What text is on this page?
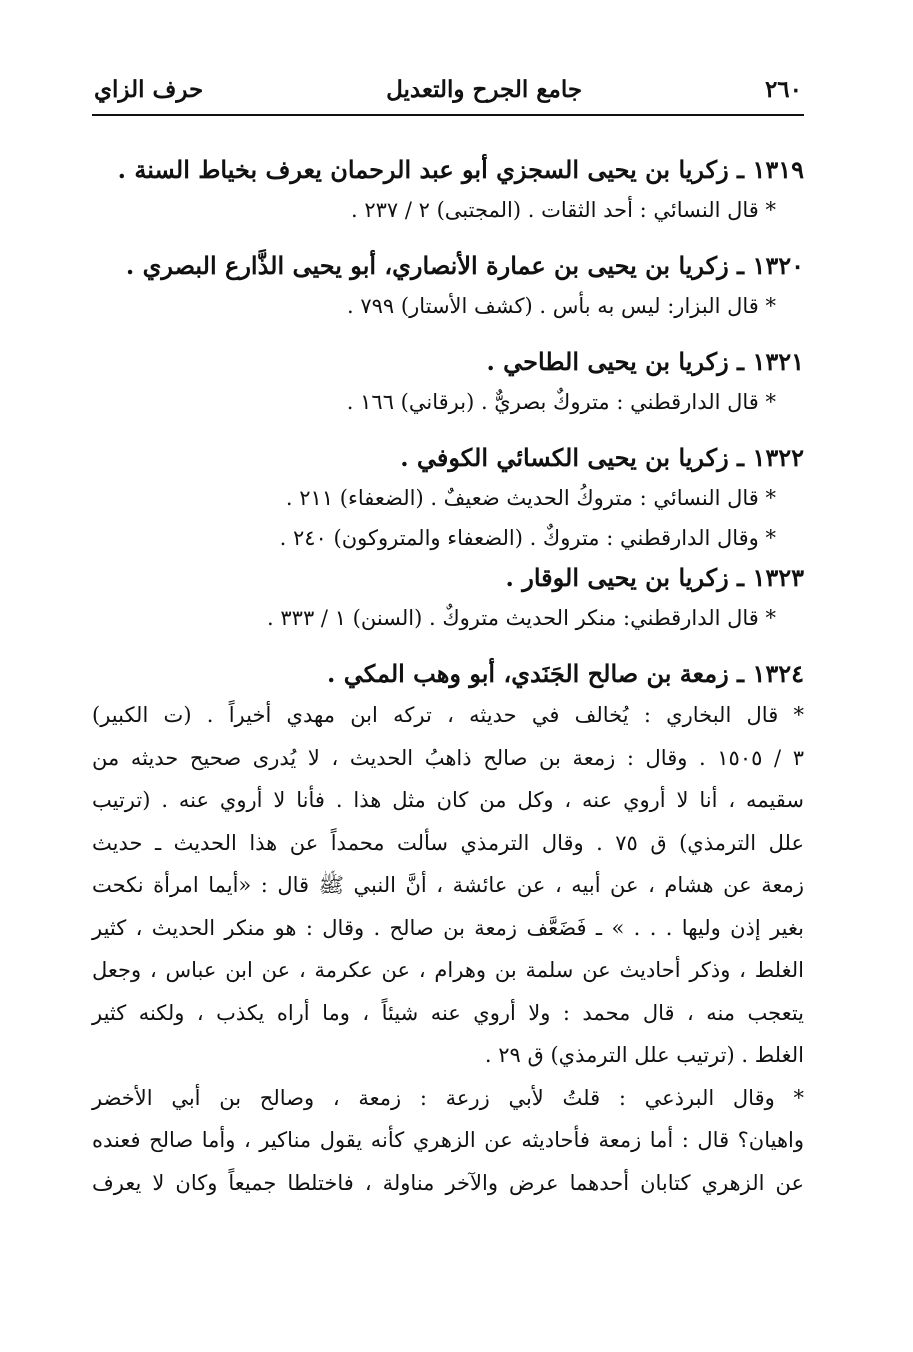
٢٦٠
جامع الجرح والتعديل
حرف الزاي

١٣١٩ ـ زكريا بن يحيى السجزي أبو عبد الرحمان يعرف بخياط السنة .

* قال النسائي : أحد الثقات . (المجتبى) ٢ / ٢٣٧ .

١٣٢٠ ـ زكريا بن يحيى بن عمارة الأنصاري، أبو يحيى الذَّارع البصري .

* قال البزار: ليس به بأس . (كشف الأستار) ٧٩٩ .

١٣٢١ ـ زكريا بن يحيى الطاحي .

* قال الدارقطني : متروكٌ بصريٌّ . (برقاني) ١٦٦ .

١٣٢٢ ـ زكريا بن يحيى الكسائي الكوفي .

* قال النسائي : متروكُ الحديث ضعيفٌ . (الضعفاء) ٢١١ .

* وقال الدارقطني : متروكٌ . (الضعفاء والمتروكون) ٢٤٠ .

١٣٢٣ ـ زكريا بن يحيى الوقار .

* قال الدارقطني: منكر الحديث متروكٌ . (السنن) ١ / ٣٣٣ .

١٣٢٤ ـ زمعة بن صالح الجَنَدي، أبو وهب المكي .

* قال البخاري : يُخالف في حديثه ، تركه ابن مهدي أخيراً . (ت الكبير)

٣ / ١٥٠٥ . وقال : زمعة بن صالح ذاهبُ الحديث ، لا يُدرى صحيح حديثه من

سقيمه ، أنا لا أروي عنه ، وكل من كان مثل هذا . فأنا لا أروي عنه . (ترتيب

علل الترمذي) ق ٧٥ . وقال الترمذي سألت محمداً عن هذا الحديث ـ حديث

زمعة عن هشام ، عن أبيه ، عن عائشة ، أنَّ النبي ﷺ قال : «أيما امرأة نكحت

بغير إذن وليها . . . » ـ فَضَعَّف زمعة بن صالح . وقال : هو منكر الحديث ، كثير

الغلط ، وذكر أحاديث عن سلمة بن وهرام ، عن عكرمة ، عن ابن عباس ، وجعل

يتعجب منه ، قال محمد : ولا أروي عنه شيئاً ، وما أراه يكذب ، ولكنه كثير

الغلط . (ترتيب علل الترمذي) ق ٢٩ .

* وقال البرذعي : قلتُ لأبي زرعة : زمعة ، وصالح بن أبي الأخضر

واهيان؟ قال : أما زمعة فأحاديثه عن الزهري كأنه يقول مناكير ، وأما صالح فعنده

عن الزهري كتابان أحدهما عرض والآخر مناولة ، فاختلطا جميعاً وكان لا يعرف
